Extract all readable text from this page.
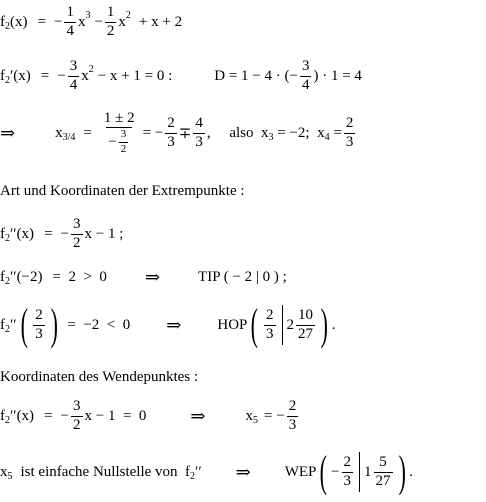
f 2 (x) = − $\frac{1}{4}$ x $3 - \frac{1}{2}$ x 2 + x + 2
f 2 ′(x) = − $\frac{3}{4}$ x 2 − x + 1 = 0 :	D = 1 − 4 · (− $\frac{3}{4}$ ) · 1 = 4
⇒	x $3/4 = \frac{1 \pm 2}{- \frac{3}{2}}$ = − $\frac{2}{3} \mp \frac{4}{3}$ ,     also  x 3 = −2;  x $4 = \frac{2}{3}$
Art und Koordinaten der Extrempunkte :
f 2 ′′(x) = − $\frac{3}{2}$ x − 1 ;
f 2 ′′(−2) =  2  >  0 ⇒	TIP ( − 2 | 0 ) ;
f 2 ′′ ( $\frac{2}{3}$ ) =  −2  <  0 ⇒ HOP ( $\frac{2}{3} 2 \frac{10}{27}$ ) .
Koordinaten des Wendepunktes :
f 2 ′′(x) = − $\frac{3}{2}$ x − 1  =  0 ⇒	x 5 = − $\frac{2}{3}$
x 5 ist einfache Nullstelle von  f 2 ′′ ⇒ WEP ( − $\frac{2}{3} 1 \frac{5}{27}$ ) .
